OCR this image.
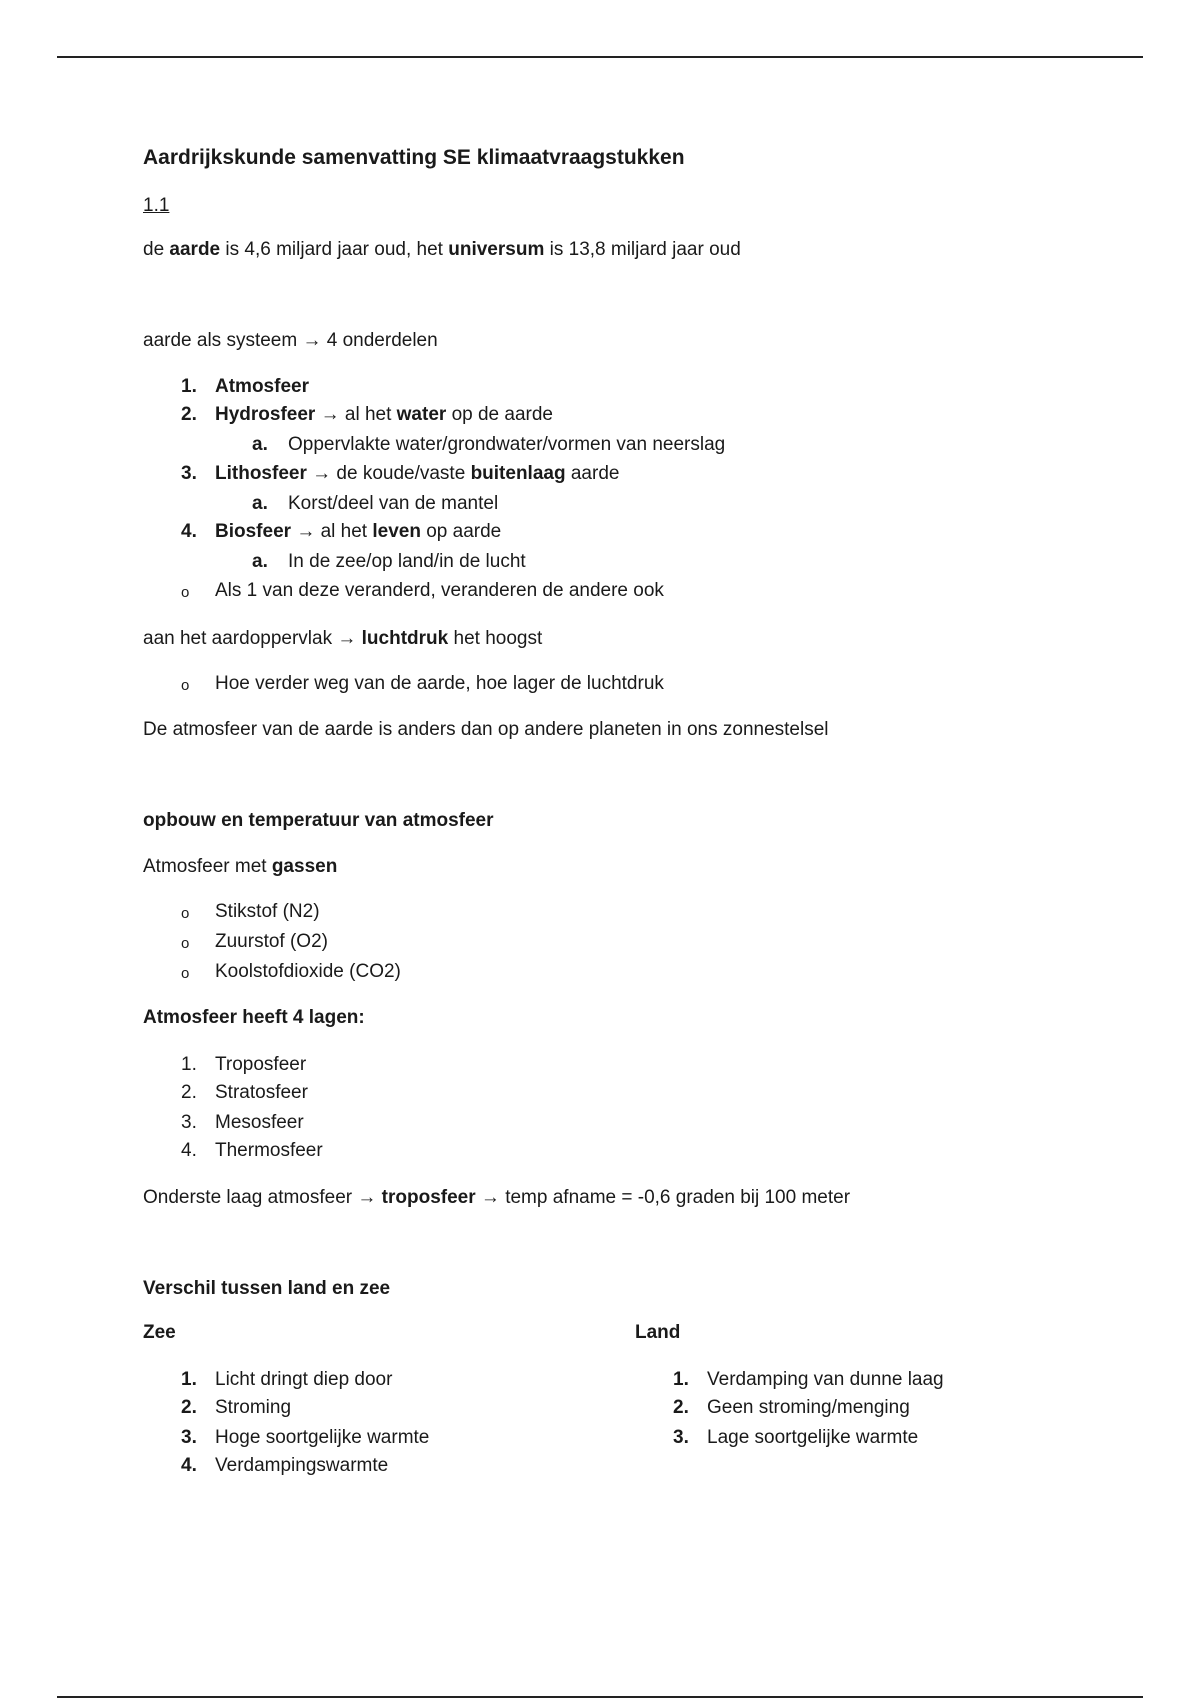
Aardrijkskunde samenvatting SE klimaatvraagstukken
1.1
de aarde is 4,6 miljard jaar oud, het universum is 13,8 miljard jaar oud
aarde als systeem → 4 onderdelen
1. Atmosfeer
2. Hydrosfeer → al het water op de aarde
a. Oppervlakte water/grondwater/vormen van neerslag
3. Lithosfeer → de koude/vaste buitenlaag aarde
a. Korst/deel van de mantel
4. Biosfeer → al het leven op aarde
a. In de zee/op land/in de lucht
o Als 1 van deze veranderd, veranderen de andere ook
aan het aardoppervlak → luchtdruk het hoogst
o Hoe verder weg van de aarde, hoe lager de luchtdruk
De atmosfeer van de aarde is anders dan op andere planeten in ons zonnestelsel
opbouw en temperatuur van atmosfeer
Atmosfeer met gassen
o Stikstof (N2)
o Zuurstof (O2)
o Koolstofdioxide (CO2)
Atmosfeer heeft 4 lagen:
1. Troposfeer
2. Stratosfeer
3. Mesosfeer
4. Thermosfeer
Onderste laag atmosfeer → troposfeer → temp afname = -0,6 graden bij 100 meter
Verschil tussen land en zee
Zee	Land
1. Licht dringt diep door
2. Stroming
3. Hoge soortgelijke warmte
4. Verdampingswarmte
1. Verdamping van dunne laag
2. Geen stroming/menging
3. Lage soortgelijke warmte
